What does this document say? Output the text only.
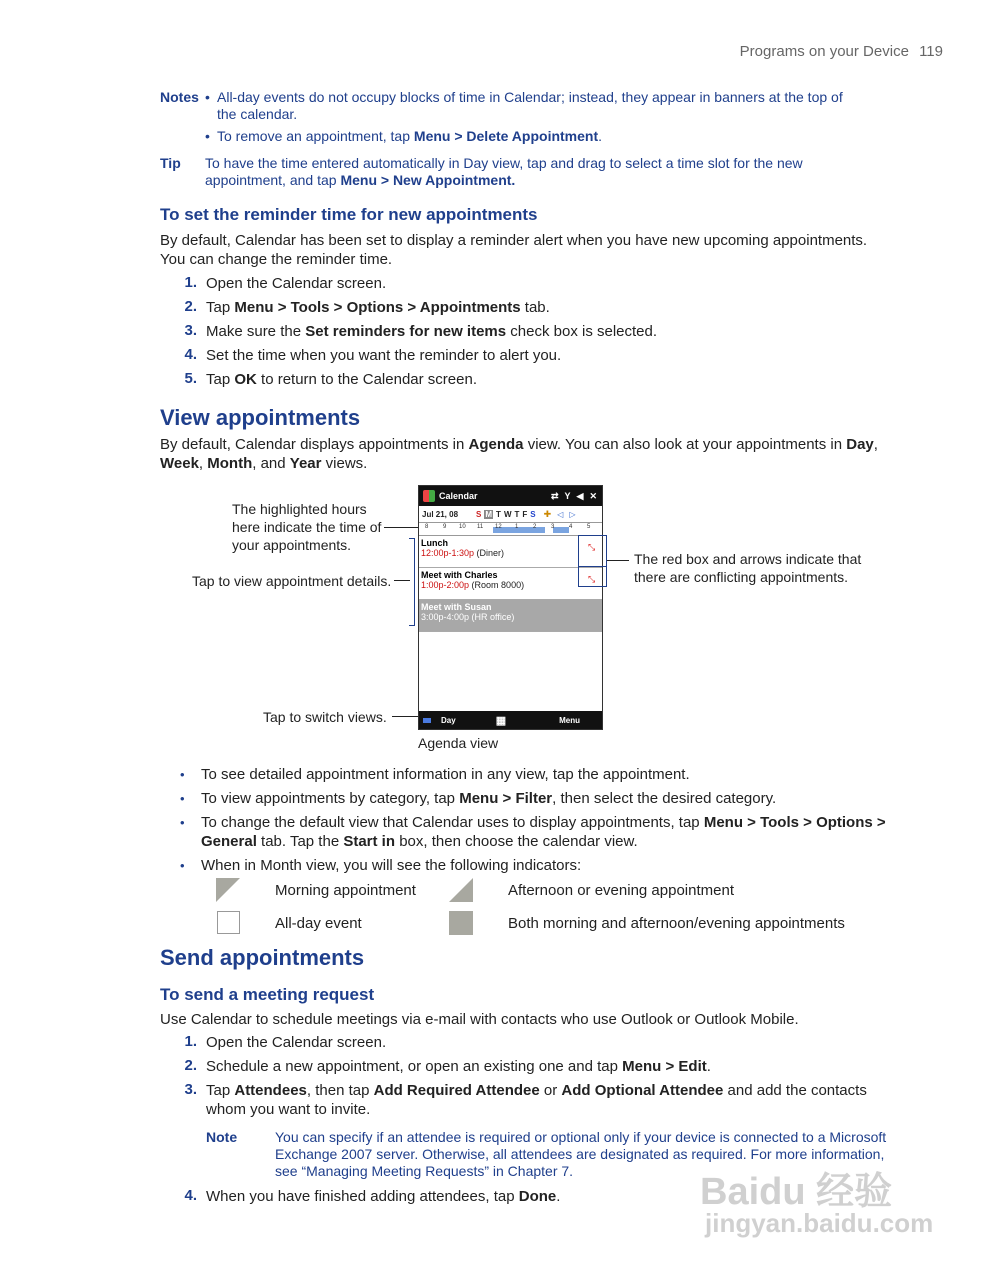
Programs on your Device 119
Notes • All-day events do not occupy blocks of time in Calendar; instead, they appear in banners at the top of the calendar.
• To remove an appointment, tap Menu > Delete Appointment.
Tip To have the time entered automatically in Day view, tap and drag to select a time slot for the new appointment, and tap Menu > New Appointment.
To set the reminder time for new appointments
By default, Calendar has been set to display a reminder alert when you have new upcoming appointments. You can change the reminder time.
1. Open the Calendar screen.
2. Tap Menu > Tools > Options > Appointments tab.
3. Make sure the Set reminders for new items check box is selected.
4. Set the time when you want the reminder to alert you.
5. Tap OK to return to the Calendar screen.
View appointments
By default, Calendar displays appointments in Agenda view. You can also look at your appointments in Day, Week, Month, and Year views.
The highlighted hours here indicate the time of your appointments.
Tap to view appointment details.
The red box and arrows indicate that there are conflicting appointments.
Tap to switch views.
Calendar	⇄ Y ◀ ✕
Jul 21, 08 S M T W T F S ✚ ◁ ▷
8 9 10 11 12 1 2 3 4 5
Lunch
12:00p-1:30p (Diner)
⤡
Meet with Charles
1:00p-2:00p (Room 8000)
⤡
Meet with Susan
3:00p-4:00p (HR office)
Day	▦	Menu
Agenda view
• To see detailed appointment information in any view, tap the appointment.
• To view appointments by category, tap Menu > Filter, then select the desired category.
• To change the default view that Calendar uses to display appointments, tap Menu > Tools > Options > General tab. Tap the Start in box, then choose the calendar view.
• When in Month view, you will see the following indicators:
Morning appointment	Afternoon or evening appointment
All-day event	Both morning and afternoon/evening appointments
Send appointments
To send a meeting request
Use Calendar to schedule meetings via e-mail with contacts who use Outlook or Outlook Mobile.
1. Open the Calendar screen.
2. Schedule a new appointment, or open an existing one and tap Menu > Edit.
3. Tap Attendees, then tap Add Required Attendee or Add Optional Attendee and add the contacts whom you want to invite.
Note	You can specify if an attendee is required or optional only if your device is connected to a Microsoft Exchange 2007 server. Otherwise, all attendees are designated as required. For more information, see “Managing Meeting Requests” in Chapter 7.
4. When you have finished adding attendees, tap Done.	Baidu 经验
jingyan.baidu.com
